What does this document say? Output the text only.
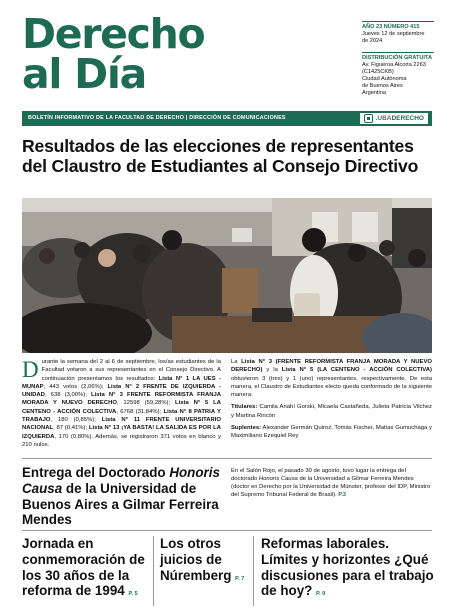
Derecho
al Día
AÑO 23 NÚMERO 415
Jueves 12 de septiembre
de 2024
DISTRIBUCIÓN GRATUITA
Av. Figueroa Alcorta 2263
(C1425CKB)
Ciudad Autónoma
de Buenos Aires
Argentina
BOLETÍN INFORMATIVO DE LA FACULTAD DE DERECHO | DIRECCIÓN DE COMUNICACIONES	.UBA DERECHO
Resultados de las elecciones de representantes del Claustro de Estudiantes al Consejo Directivo
Durante la semana del 2 al 6 de septiembre, los/as estudiantes de la Facultad votaron a sus representantes en el Consejo Directivo. A continuación presentamos los resultados: Lista N° 1 LA UES - MUNAP, 443 votos (2,06%); Lista N° 2 FRENTE DE IZQUIERDA - UNIDAD, 638 (3,00%); Lista N° 3 FRENTE REFORMISTA FRANJA MORADA Y NUEVO DERECHO, 12598 (59,28%); Lista N° 5 LA CENTENO - ACCIÓN COLECTIVA, 6768 (31,84%); Lista N° 8 PATRIA Y TRABAJO, 180 (0,85%); Lista N° 11 FRENTE UNIVERSITARIO NACIONAL, 87 (0,41%); Lista N° 13 ¡YA BASTA! LA SALIDA ES POR LA IZQUIERDA, 170 (0,80%). Además, se registraron 371 votos en blanco y 210 nulos.
La Lista N° 3 (FRENTE REFORMISTA FRANJA MORADA Y NUEVO DERECHO) y la Lista N° 5 (LA CENTENO - ACCIÓN COLECTIVA) obtuvieron 3 (tres) y 1 (uno) representantes, respectivamente. De esta manera, el Claustro de Estudiantes electo queda conformado de la siguiente manera:
Titulares: Camila Anahí Gorski, Micaela Castañeda, Julieta Patricia Vilchez y Martina Rincón
Suplentes: Alexander Germán Quiroz, Tomás Fischer, Matías Gumuchaga y Maximiliano Ezequiel Rey
Entrega del Doctorado Honoris Causa de la Universidad de Buenos Aires a Gilmar Ferreira Mendes
En el Salón Rojo, el pasado 30 de agosto, tuvo lugar la entrega del doctorado Honoris Causa de la Universidad a Gilmar Ferreira Mendes (doctor en Derecho por la Universidad de Münster, profesor del IDP, Ministro del Supremo Tribunal Federal de Brasil). P.3
Jornada en conmemoración de los 30 años de la reforma de 1994 P. 5
Los otros juicios de Núremberg P. 7
Reformas laborales. Límites y horizontes ¿Qué discusiones para el trabajo de hoy? P. 9
